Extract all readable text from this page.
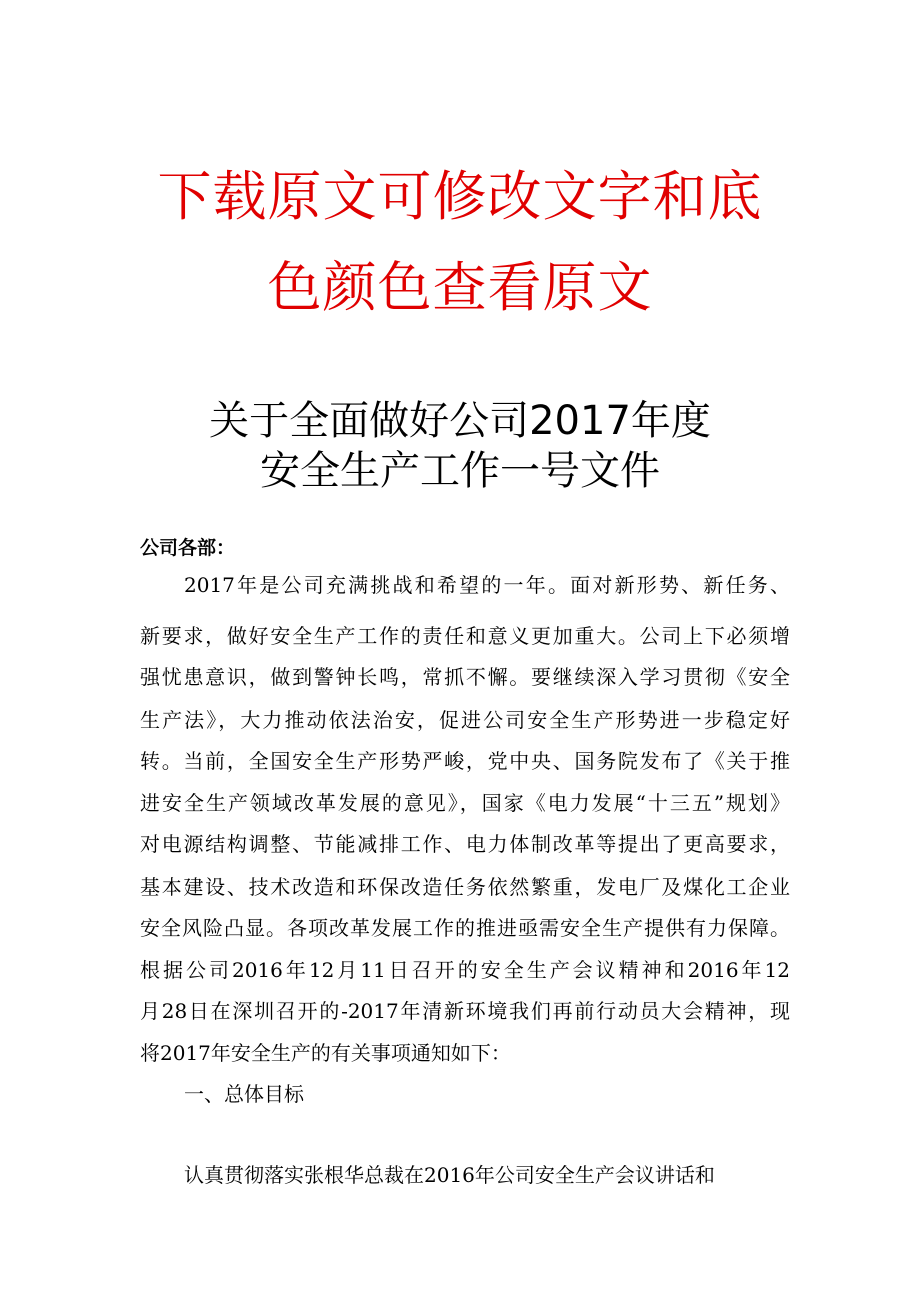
下载原文可修改文字和底
色颜色查看原文
关于全面做好公司2017年度
安全生产工作一号文件
公司各部：
2017年是公司充满挑战和希望的一年。面对新形势、新任务、
新要求，做好安全生产工作的责任和意义更加重大。公司上下必须增
强忧患意识，做到警钟长鸣，常抓不懈。要继续深入学习贯彻《安全
生产法》，大力推动依法治安，促进公司安全生产形势进一步稳定好
转。当前，全国安全生产形势严峻，党中央、国务院发布了《关于推
进安全生产领域改革发展的意见》，国家《电力发展“十三五”规划》
对电源结构调整、节能减排工作、电力体制改革等提出了更高要求，
基本建设、技术改造和环保改造任务依然繁重，发电厂及煤化工企业
安全风险凸显。各项改革发展工作的推进亟需安全生产提供有力保障。
根据公司2016年12月11日召开的安全生产会议精神和2016年12
月28日在深圳召开的-2017年清新环境我们再前行动员大会精神，现
将2017年安全生产的有关事项通知如下：
一、总体目标
认真贯彻落实张根华总裁在2016年公司安全生产会议讲话和
